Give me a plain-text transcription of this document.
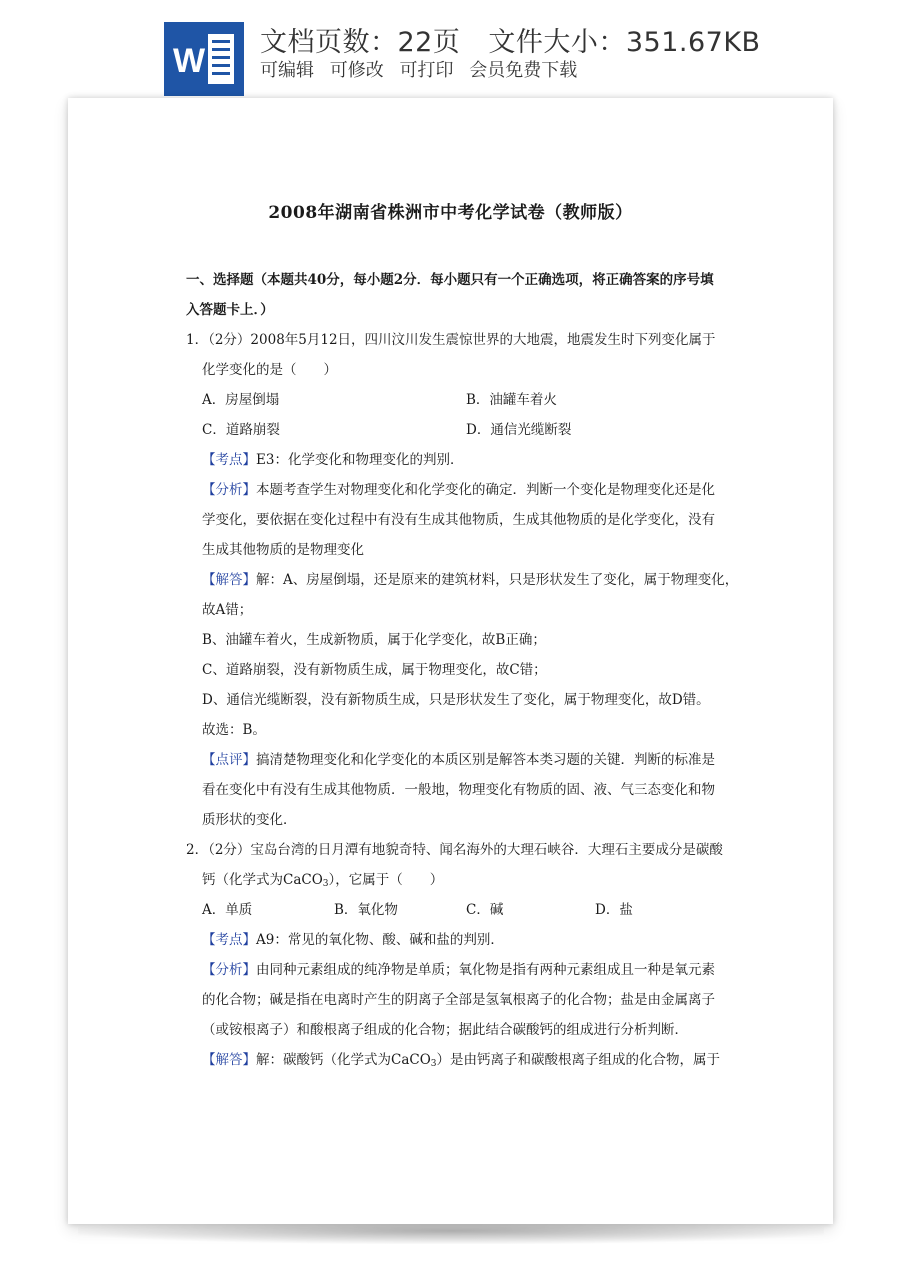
W 文档页数：22页 文件大小：351.67KB
可编辑 可修改 可打印 会员免费下载
2008年湖南省株洲市中考化学试卷（教师版）
一、选择题（本题共40分，每小题2分．每小题只有一个正确选项，将正确答案的序号填
入答题卡上．）
1．（2分）2008年5月12日，四川汶川发生震惊世界的大地震，地震发生时下列变化属于
化学变化的是（　　）
A．房屋倒塌	B．油罐车着火
C．道路崩裂	D．通信光缆断裂
【考点】E3：化学变化和物理变化的判别．
【分析】本题考查学生对物理变化和化学变化的确定．判断一个变化是物理变化还是化
学变化，要依据在变化过程中有没有生成其他物质，生成其他物质的是化学变化，没有
生成其他物质的是物理变化
【解答】解：A、房屋倒塌，还是原来的建筑材料，只是形状发生了变化，属于物理变化，
故A错；
B、油罐车着火，生成新物质，属于化学变化，故B正确；
C、道路崩裂，没有新物质生成，属于物理变化，故C错；
D、通信光缆断裂，没有新物质生成，只是形状发生了变化，属于物理变化，故D错。
故选：B。
【点评】搞清楚物理变化和化学变化的本质区别是解答本类习题的关键．判断的标准是
看在变化中有没有生成其他物质．一般地，物理变化有物质的固、液、气三态变化和物
质形状的变化．
2．（2分）宝岛台湾的日月潭有地貌奇特、闻名海外的大理石峡谷．大理石主要成分是碳酸
钙（化学式为CaCO$_3$），它属于（　　）
A．单质	B．氧化物	C．碱	D．盐
【考点】A9：常见的氧化物、酸、碱和盐的判别．
【分析】由同种元素组成的纯净物是单质；氧化物是指有两种元素组成且一种是氧元素
的化合物；碱是指在电离时产生的阴离子全部是氢氧根离子的化合物；盐是由金属离子
（或铵根离子）和酸根离子组成的化合物；据此结合碳酸钙的组成进行分析判断．
【解答】解：碳酸钙（化学式为CaCO$_3$）是由钙离子和碳酸根离子组成的化合物，属于
